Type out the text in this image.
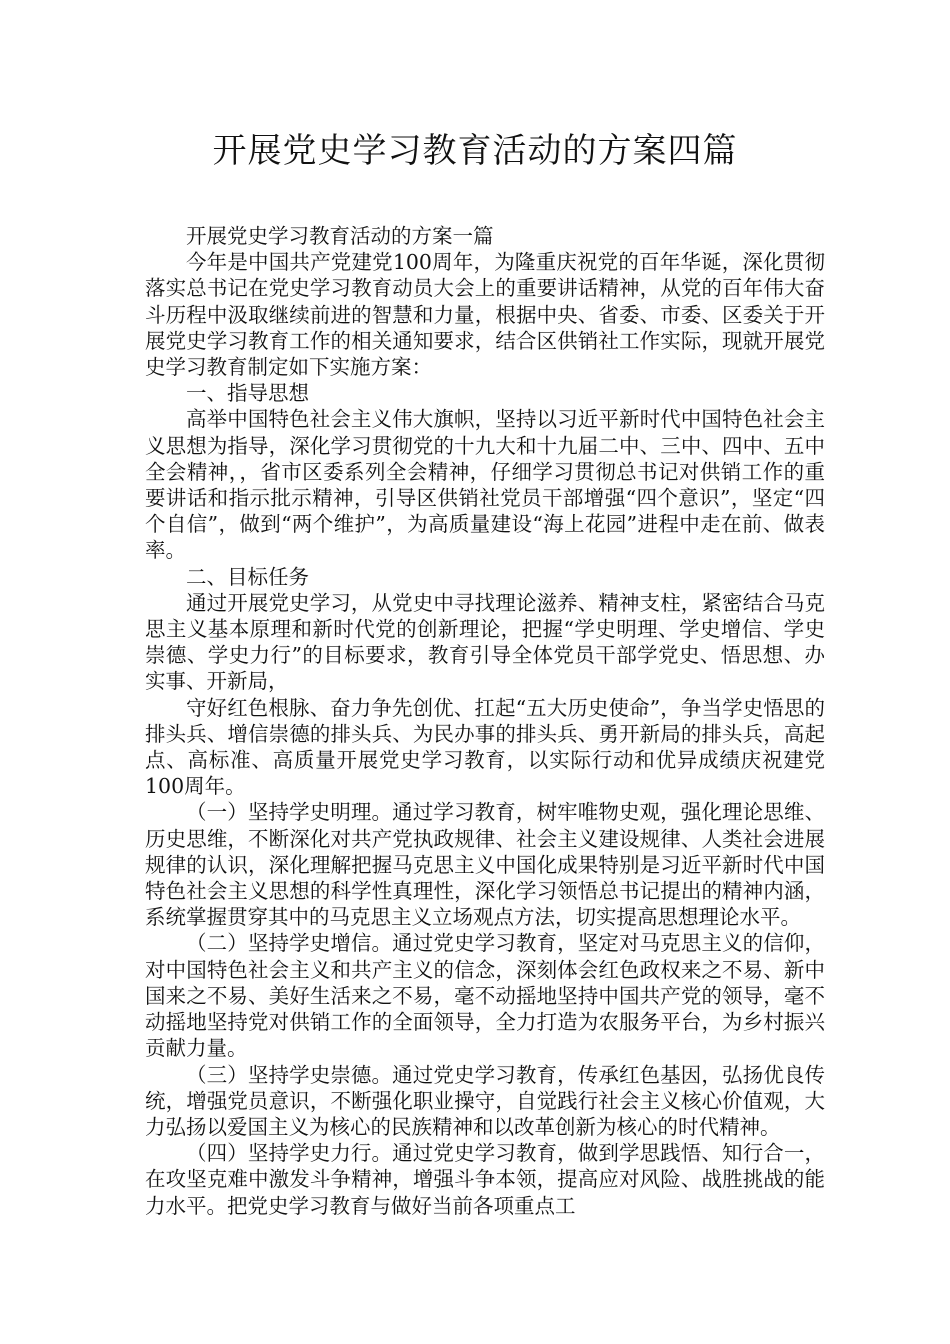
开展党史学习教育活动的方案四篇

开展党史学习教育活动的方案一篇

今年是中国共产党建党100周年，为隆重庆祝党的百年华诞，深化贯彻落实总书记在党史学习教育动员大会上的重要讲话精神，从党的百年伟大奋斗历程中汲取继续前进的智慧和力量，根据中央、省委、市委、区委关于开展党史学习教育工作的相关通知要求，结合区供销社工作实际，现就开展党史学习教育制定如下实施方案：

一、指导思想

高举中国特色社会主义伟大旗帜，坚持以习近平新时代中国特色社会主义思想为指导，深化学习贯彻党的十九大和十九届二中、三中、四中、五中全会精神，，省市区委系列全会精神，仔细学习贯彻总书记对供销工作的重要讲话和指示批示精神，引导区供销社党员干部增强“四个意识”，坚定“四个自信”，做到“两个维护”，为高质量建设“海上花园”进程中走在前、做表率。

二、目标任务

通过开展党史学习，从党史中寻找理论滋养、精神支柱，紧密结合马克思主义基本原理和新时代党的创新理论，把握“学史明理、学史增信、学史崇德、学史力行”的目标要求，教育引导全体党员干部学党史、悟思想、办实事、开新局，

守好红色根脉、奋力争先创优、扛起“五大历史使命”，争当学史悟思的排头兵、增信崇德的排头兵、为民办事的排头兵、勇开新局的排头兵，高起点、高标准、高质量开展党史学习教育，以实际行动和优异成绩庆祝建党100周年。

（一）坚持学史明理。通过学习教育，树牢唯物史观，强化理论思维、历史思维，不断深化对共产党执政规律、社会主义建设规律、人类社会进展规律的认识，深化理解把握马克思主义中国化成果特别是习近平新时代中国特色社会主义思想的科学性真理性，深化学习领悟总书记提出的精神内涵，系统掌握贯穿其中的马克思主义立场观点方法，切实提高思想理论水平。

（二）坚持学史增信。通过党史学习教育，坚定对马克思主义的信仰，对中国特色社会主义和共产主义的信念，深刻体会红色政权来之不易、新中国来之不易、美好生活来之不易，毫不动摇地坚持中国共产党的领导，毫不动摇地坚持党对供销工作的全面领导，全力打造为农服务平台，为乡村振兴贡献力量。

（三）坚持学史崇德。通过党史学习教育，传承红色基因，弘扬优良传统，增强党员意识，不断强化职业操守，自觉践行社会主义核心价值观，大力弘扬以爱国主义为核心的民族精神和以改革创新为核心的时代精神。

（四）坚持学史力行。通过党史学习教育，做到学思践悟、知行合一，在攻坚克难中激发斗争精神，增强斗争本领，提高应对风险、战胜挑战的能力水平。把党史学习教育与做好当前各项重点工
